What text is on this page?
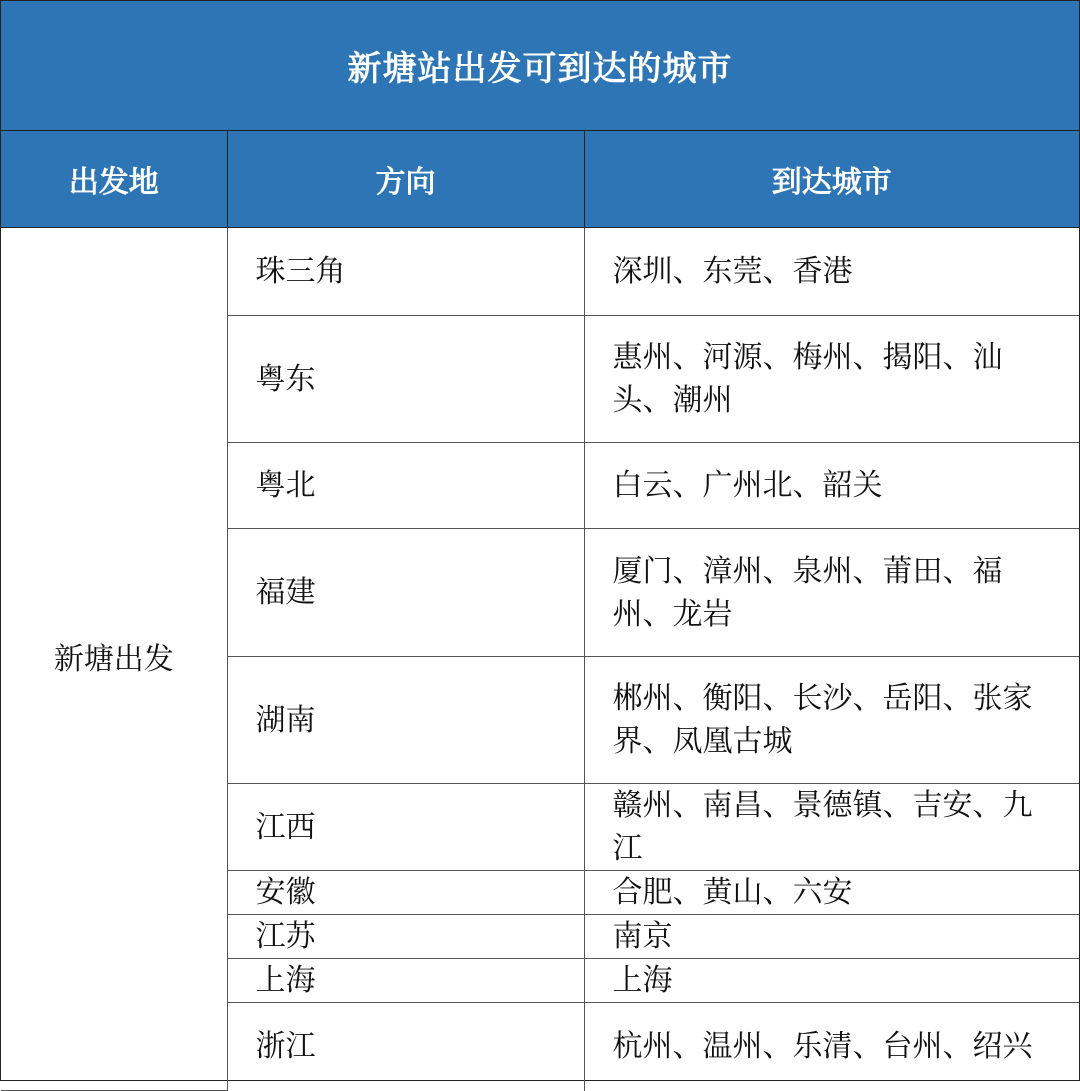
新塘站出发可到达的城市
出发地	方向	到达城市
新塘出发	珠三角	深圳、东莞、香港
	粤东	惠州、河源、梅州、揭阳、汕头、潮州
	粤北	白云、广州北、韶关
	福建	厦门、漳州、泉州、莆田、福州、龙岩
	湖南	郴州、衡阳、长沙、岳阳、张家界、凤凰古城
	江西	赣州、南昌、景德镇、吉安、九江
	安徽	合肥、黄山、六安
	江苏	南京
	上海	上海
	浙江	杭州、温州、乐清、台州、绍兴
